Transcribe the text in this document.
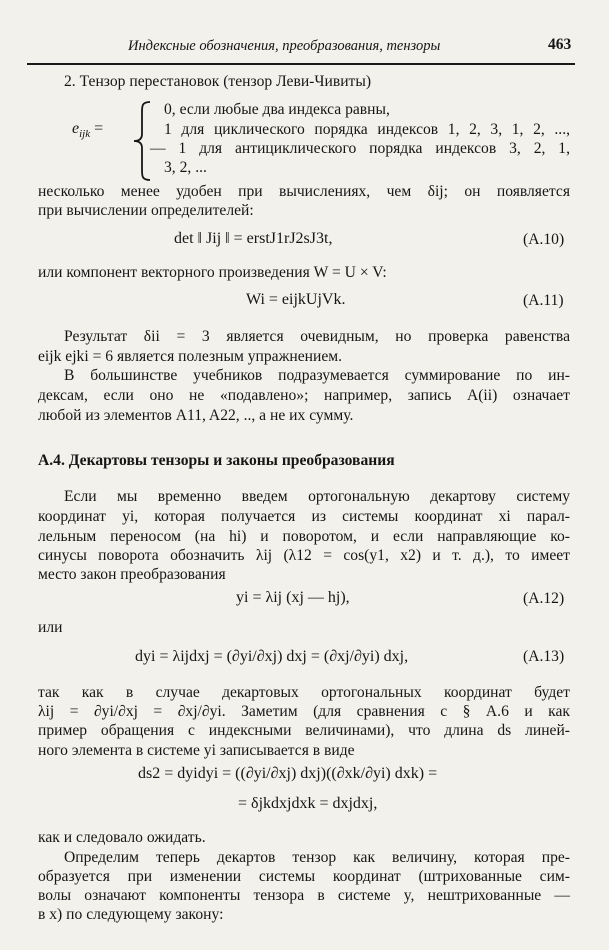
Индексные обозначения, преобразования, тензоры	463
2. Тензор перестановок (тензор Леви-Чивиты)
$e_{ijk}$ =
0, если любые два индекса равны,
1 для циклического порядка индексов 1, 2, 3, 1, 2, ...,
— 1 для антициклического порядка индексов 3, 2, 1,
3, 2, ...
несколько менее удобен при вычислениях, чем δij; он появляется
при вычислении определителей:
det ‖ Jij ‖ = erstJ1rJ2sJ3t,	(A.10)
или компонент векторного произведения W = U × V:
Wi = eijkUjVk.	(A.11)
Результат δii = 3 является очевидным, но проверка равенства
eijk ejki = 6 является полезным упражнением.
В большинстве учебников подразумевается суммирование по ин-
дексам, если оно не «подавлено»; например, запись A(ii) означает
любой из элементов A11, A22, .., а не их сумму.
А.4. Декартовы тензоры и законы преобразования
Если мы временно введем ортогональную декартову систему
координат yi, которая получается из системы координат xi парал-
лельным переносом (на hi) и поворотом, и если направляющие ко-
синусы поворота обозначить λij (λ12 = cos(y1, x2) и т. д.), то имеет
место закон преобразования
yi = λij (xj — hj),	(A.12)
или
dyi = λijdxj = (∂yi/∂xj) dxj = (∂xj/∂yi) dxj,	(A.13)
так как в случае декартовых ортогональных координат будет
λij = ∂yi/∂xj = ∂xj/∂yi. Заметим (для сравнения с § А.6 и как
пример обращения с индексными величинами), что длина ds линей-
ного элемента в системе yi записывается в виде
ds2 = dyidyi = ((∂yi/∂xj) dxj)((∂xk/∂yi) dxk) =
= δjkdxjdxk = dxjdxj,
как и следовало ожидать.
Определим теперь декартов тензор как величину, которая пре-
образуется при изменении системы координат (штрихованные сим-
волы означают компоненты тензора в системе y, нештрихованные —
в x) по следующему закону:
